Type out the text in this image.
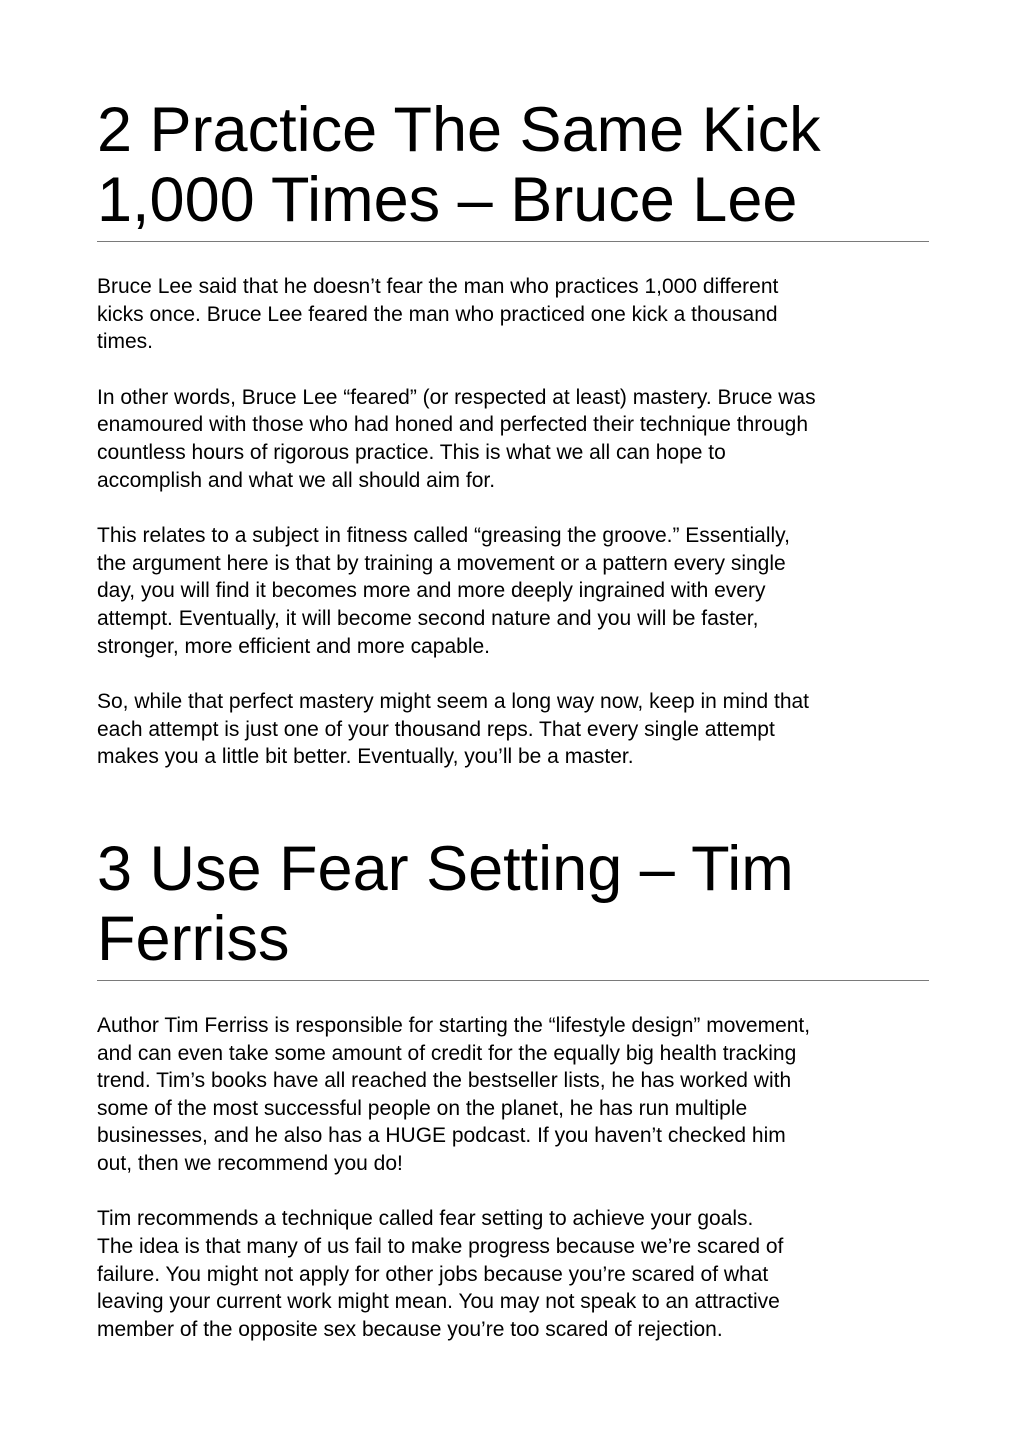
2 Practice The Same Kick
1,000 Times – Bruce Lee

Bruce Lee said that he doesn’t fear the man who practices 1,000 different
kicks once. Bruce Lee feared the man who practiced one kick a thousand
times.

In other words, Bruce Lee “feared” (or respected at least) mastery. Bruce was
enamoured with those who had honed and perfected their technique through
countless hours of rigorous practice. This is what we all can hope to
accomplish and what we all should aim for.

This relates to a subject in fitness called “greasing the groove.” Essentially,
the argument here is that by training a movement or a pattern every single
day, you will find it becomes more and more deeply ingrained with every
attempt. Eventually, it will become second nature and you will be faster,
stronger, more efficient and more capable.

So, while that perfect mastery might seem a long way now, keep in mind that
each attempt is just one of your thousand reps. That every single attempt
makes you a little bit better. Eventually, you’ll be a master.

3 Use Fear Setting – Tim
Ferriss

Author Tim Ferriss is responsible for starting the “lifestyle design” movement,
and can even take some amount of credit for the equally big health tracking
trend. Tim’s books have all reached the bestseller lists, he has worked with
some of the most successful people on the planet, he has run multiple
businesses, and he also has a HUGE podcast. If you haven’t checked him
out, then we recommend you do!

Tim recommends a technique called fear setting to achieve your goals.
The idea is that many of us fail to make progress because we’re scared of
failure. You might not apply for other jobs because you’re scared of what
leaving your current work might mean. You may not speak to an attractive
member of the opposite sex because you’re too scared of rejection.
